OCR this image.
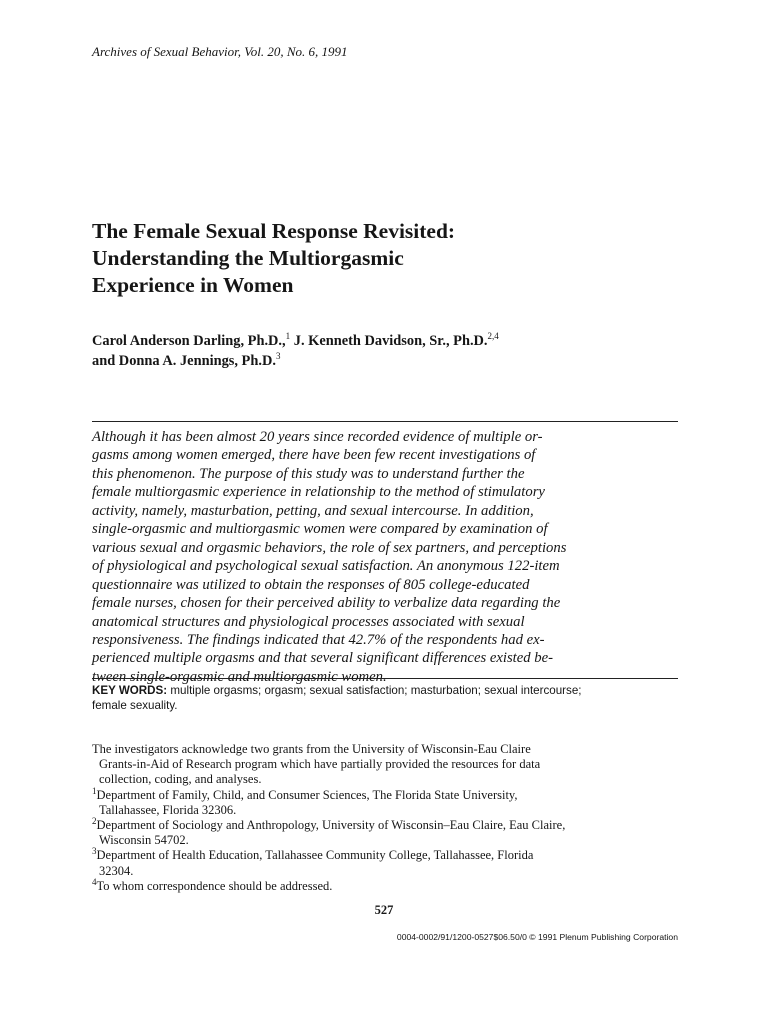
Archives of Sexual Behavior, Vol. 20, No. 6, 1991
The Female Sexual Response Revisited:
Understanding the Multiorgasmic
Experience in Women
Carol Anderson Darling, Ph.D.,$^1$ J. Kenneth Davidson, Sr., Ph.D.$^{2,4}$
and Donna A. Jennings, Ph.D.$^3$
Although it has been almost 20 years since recorded evidence of multiple or-
gasms among women emerged, there have been few recent investigations of
this phenomenon. The purpose of this study was to understand further the
female multiorgasmic experience in relationship to the method of stimulatory
activity, namely, masturbation, petting, and sexual intercourse. In addition,
single-orgasmic and multiorgasmic women were compared by examination of
various sexual and orgasmic behaviors, the role of sex partners, and perceptions
of physiological and psychological sexual satisfaction. An anonymous 122-item
questionnaire was utilized to obtain the responses of 805 college-educated
female nurses, chosen for their perceived ability to verbalize data regarding the
anatomical structures and physiological processes associated with sexual
responsiveness. The findings indicated that 42.7% of the respondents had ex-
perienced multiple orgasms and that several significant differences existed be-
tween single-orgasmic and multiorgasmic women.
KEY WORDS: multiple orgasms; orgasm; sexual satisfaction; masturbation; sexual intercourse;
female sexuality.
The investigators acknowledge two grants from the University of Wisconsin-Eau Claire
Grants-in-Aid of Research program which have partially provided the resources for data
collection, coding, and analyses.
$^1$Department of Family, Child, and Consumer Sciences, The Florida State University,
Tallahassee, Florida 32306.
$^2$Department of Sociology and Anthropology, University of Wisconsin–Eau Claire, Eau Claire,
Wisconsin 54702.
$^3$Department of Health Education, Tallahassee Community College, Tallahassee, Florida
32304.
$^4$To whom correspondence should be addressed.
527
0004-0002/91/1200-0527$06.50/0 © 1991 Plenum Publishing Corporation
